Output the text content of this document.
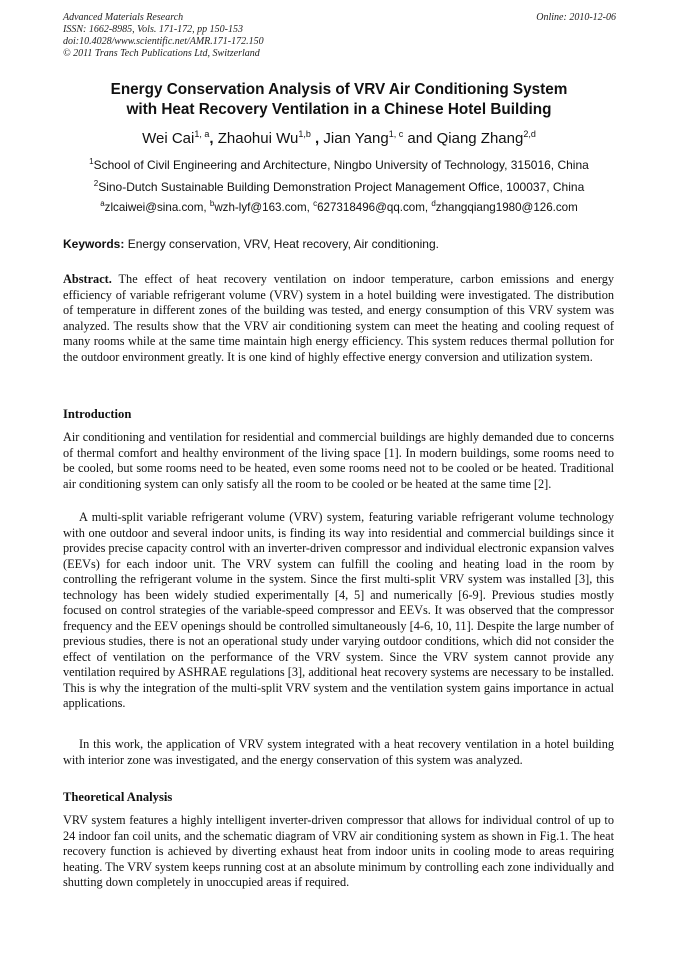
Advanced Materials Research
ISSN: 1662-8985, Vols. 171-172, pp 150-153
doi:10.4028/www.scientific.net/AMR.171-172.150
© 2011 Trans Tech Publications Ltd, Switzerland
Online: 2010-12-06
Energy Conservation Analysis of VRV Air Conditioning System
with Heat Recovery Ventilation in a Chinese Hotel Building
Wei Cai$^{1, a}$, Zhaohui Wu$^{1,b}$ , Jian Yang$^{1, c}$ and Qiang Zhang$^{2,d}$
$^1$School of Civil Engineering and Architecture, Ningbo University of Technology, 315016, China
$^2$Sino-Dutch Sustainable Building Demonstration Project Management Office, 100037, China
$^a$zlcaiwei@sina.com, $^b$wzh-lyf@163.com, $^c$627318496@qq.com, $^d$zhangqiang1980@126.com
Keywords: Energy conservation, VRV, Heat recovery, Air conditioning.
Abstract. The effect of heat recovery ventilation on indoor temperature, carbon emissions and energy efficiency of variable refrigerant volume (VRV) system in a hotel building were investigated. The distribution of temperature in different zones of the building was tested, and energy consumption of this VRV system was analyzed. The results show that the VRV air conditioning system can meet the heating and cooling request of many rooms while at the same time maintain high energy efficiency. This system reduces thermal pollution for the outdoor environment greatly. It is one kind of highly effective energy conversion and utilization system.
Introduction
Air conditioning and ventilation for residential and commercial buildings are highly demanded due to concerns of thermal comfort and healthy environment of the living space [1]. In modern buildings, some rooms need to be cooled, but some rooms need to be heated, even some rooms need not to be cooled or be heated. Traditional air conditioning system can only satisfy all the room to be cooled or be heated at the same time [2].
A multi-split variable refrigerant volume (VRV) system, featuring variable refrigerant volume technology with one outdoor and several indoor units, is finding its way into residential and commercial buildings since it provides precise capacity control with an inverter-driven compressor and individual electronic expansion valves (EEVs) for each indoor unit. The VRV system can fulfill the cooling and heating load in the room by controlling the refrigerant volume in the system. Since the first multi-split VRV system was installed [3], this technology has been widely studied experimentally [4, 5] and numerically [6-9]. Previous studies mostly focused on control strategies of the variable-speed compressor and EEVs. It was observed that the compressor frequency and the EEV openings should be controlled simultaneously [4-6, 10, 11]. Despite the large number of previous studies, there is not an operational study under varying outdoor conditions, which did not consider the effect of ventilation on the performance of the VRV system. Since the VRV system cannot provide any ventilation required by ASHRAE regulations [3], additional heat recovery systems are necessary to be installed. This is why the integration of the multi-split VRV system and the ventilation system gains importance in actual applications.
In this work, the application of VRV system integrated with a heat recovery ventilation in a hotel building with interior zone was investigated, and the energy conservation of this system was analyzed.
Theoretical Analysis
VRV system features a highly intelligent inverter-driven compressor that allows for individual control of up to 24 indoor fan coil units, and the schematic diagram of VRV air conditioning system as shown in Fig.1. The heat recovery function is achieved by diverting exhaust heat from indoor units in cooling mode to areas requiring heating. The VRV system keeps running cost at an absolute minimum by controlling each zone individually and shutting down completely in unoccupied areas if required.
